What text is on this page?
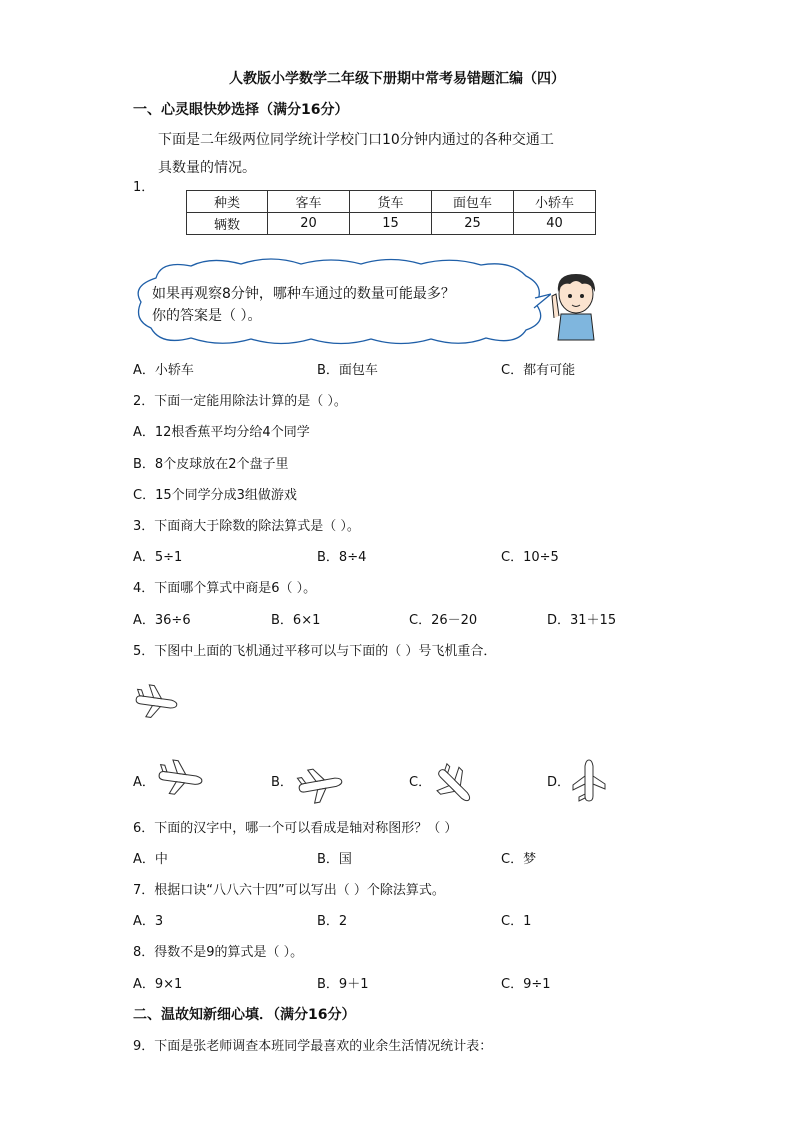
人教版小学数学二年级下册期中常考易错题汇编（四）
一、心灵眼快妙选择（满分16分）
下面是二年级两位同学统计学校门口10分钟内通过的各种交通工
具数量的情况。
1．
种类	客车	货车	面包车	小轿车
辆数	20	15	25	40
如果再观察8分钟，哪种车通过的数量可能最多？
你的答案是（ ）。
A．小轿车	B．面包车	C．都有可能
2．下面一定能用除法计算的是（ ）。
A．12根香蕉平均分给4个同学
B．8个皮球放在2个盘子里
C．15个同学分成3组做游戏
3．下面商大于除数的除法算式是（ ）。
A．5÷1	B．8÷4	C．10÷5
4．下面哪个算式中商是6（ ）。
A．36÷6	B．6×1	C．26－20	D．31＋15
5．下图中上面的飞机通过平移可以与下面的（ ）号飞机重合．
A．	B．	C．	D．
6．下面的汉字中，哪一个可以看成是轴对称图形？（ ）
A．中	B．国	C．梦
7．根据口诀“八八六十四”可以写出（ ）个除法算式。
A．3	B．2	C．1
8．得数不是9的算式是（ ）。
A．9×1	B．9＋1	C．9÷1
二、温故知新细心填．（满分16分）
9．下面是张老师调查本班同学最喜欢的业余生活情况统计表：
